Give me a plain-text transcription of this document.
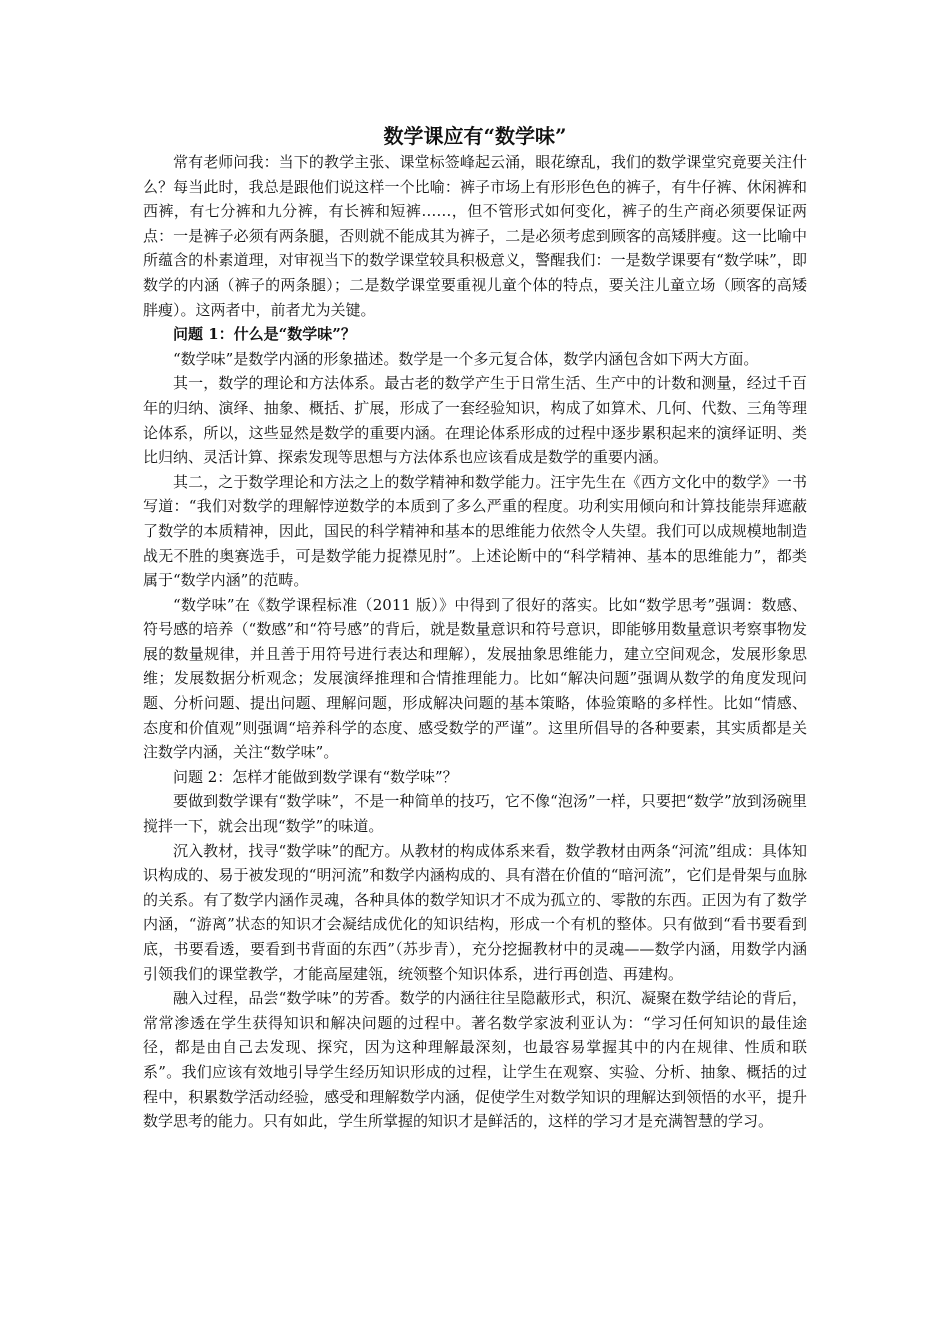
数学课应有“数学味”

常有老师问我：当下的教学主张、课堂标签峰起云涌，眼花缭乱，我们的数学课堂究竟要关注什么？每当此时，我总是跟他们说这样一个比喻：裤子市场上有形形色色的裤子，有牛仔裤、休闲裤和西裤，有七分裤和九分裤，有长裤和短裤……，但不管形式如何变化，裤子的生产商必须要保证两点：一是裤子必须有两条腿，否则就不能成其为裤子，二是必须考虑到顾客的高矮胖瘦。这一比喻中所蕴含的朴素道理，对审视当下的数学课堂较具积极意义，警醒我们：一是数学课要有“数学味”，即数学的内涵（裤子的两条腿）；二是数学课堂要重视儿童个体的特点，要关注儿童立场（顾客的高矮胖瘦）。这两者中，前者尤为关键。

问题 1：什么是“数学味”？

“数学味”是数学内涵的形象描述。数学是一个多元复合体，数学内涵包含如下两大方面。

其一，数学的理论和方法体系。最古老的数学产生于日常生活、生产中的计数和测量，经过千百年的归纳、演绎、抽象、概括、扩展，形成了一套经验知识，构成了如算术、几何、代数、三角等理论体系，所以，这些显然是数学的重要内涵。在理论体系形成的过程中逐步累积起来的演绎证明、类比归纳、灵活计算、探索发现等思想与方法体系也应该看成是数学的重要内涵。

其二，之于数学理论和方法之上的数学精神和数学能力。汪宇先生在《西方文化中的数学》一书写道：“我们对数学的理解悖逆数学的本质到了多么严重的程度。功利实用倾向和计算技能崇拜遮蔽了数学的本质精神，因此，国民的科学精神和基本的思维能力依然令人失望。我们可以成规模地制造战无不胜的奥赛选手，可是数学能力捉襟见肘”。上述论断中的“科学精神、基本的思维能力”，都类属于“数学内涵”的范畴。

“数学味”在《数学课程标准（2011 版）》中得到了很好的落实。比如“数学思考”强调：数感、符号感的培养（“数感”和“符号感”的背后，就是数量意识和符号意识，即能够用数量意识考察事物发展的数量规律，并且善于用符号进行表达和理解），发展抽象思维能力，建立空间观念，发展形象思维；发展数据分析观念；发展演绎推理和合情推理能力。比如“解决问题”强调从数学的角度发现问题、分析问题、提出问题、理解问题，形成解决问题的基本策略，体验策略的多样性。比如“情感、态度和价值观”则强调“培养科学的态度、感受数学的严谨”。这里所倡导的各种要素，其实质都是关注数学内涵，关注“数学味”。

问题 2：怎样才能做到数学课有“数学味”？

要做到数学课有“数学味”，不是一种简单的技巧，它不像“泡汤”一样，只要把“数学”放到汤碗里搅拌一下，就会出现“数学”的味道。

沉入教材，找寻“数学味”的配方。从教材的构成体系来看，数学教材由两条“河流”组成：具体知识构成的、易于被发现的“明河流”和数学内涵构成的、具有潜在价值的“暗河流”，它们是骨架与血脉的关系。有了数学内涵作灵魂，各种具体的数学知识才不成为孤立的、零散的东西。正因为有了数学内涵，“游离”状态的知识才会凝结成优化的知识结构，形成一个有机的整体。只有做到“看书要看到底，书要看透，要看到书背面的东西”（苏步青），充分挖掘教材中的灵魂——数学内涵，用数学内涵引领我们的课堂教学，才能高屋建瓴，统领整个知识体系，进行再创造、再建构。

融入过程，品尝“数学味”的芳香。数学的内涵往往呈隐蔽形式，积沉、凝聚在数学结论的背后，常常渗透在学生获得知识和解决问题的过程中。著名数学家波利亚认为：“学习任何知识的最佳途径，都是由自己去发现、探究，因为这种理解最深刻，也最容易掌握其中的内在规律、性质和联系”。我们应该有效地引导学生经历知识形成的过程，让学生在观察、实验、分析、抽象、概括的过程中，积累数学活动经验，感受和理解数学内涵，促使学生对数学知识的理解达到领悟的水平，提升数学思考的能力。只有如此，学生所掌握的知识才是鲜活的，这样的学习才是充满智慧的学习。
